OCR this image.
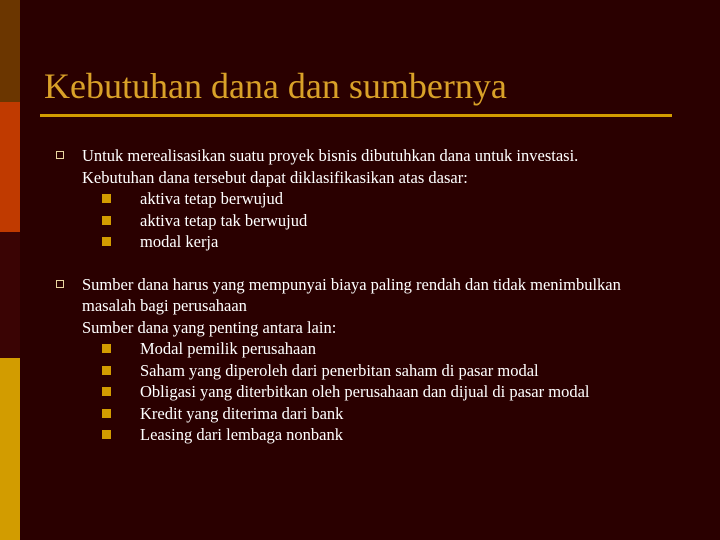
Kebutuhan dana dan sumbernya
Untuk merealisasikan suatu proyek bisnis dibutuhkan dana untuk investasi.
Kebutuhan dana tersebut dapat diklasifikasikan atas dasar:
aktiva tetap berwujud
aktiva tetap tak berwujud
modal kerja
Sumber dana harus yang mempunyai biaya paling rendah dan tidak menimbulkan
masalah bagi perusahaan
Sumber dana yang penting antara lain:
Modal pemilik perusahaan
Saham yang diperoleh dari penerbitan saham di pasar modal
Obligasi yang diterbitkan oleh perusahaan dan dijual di pasar modal
Kredit yang diterima dari bank
Leasing dari lembaga nonbank
